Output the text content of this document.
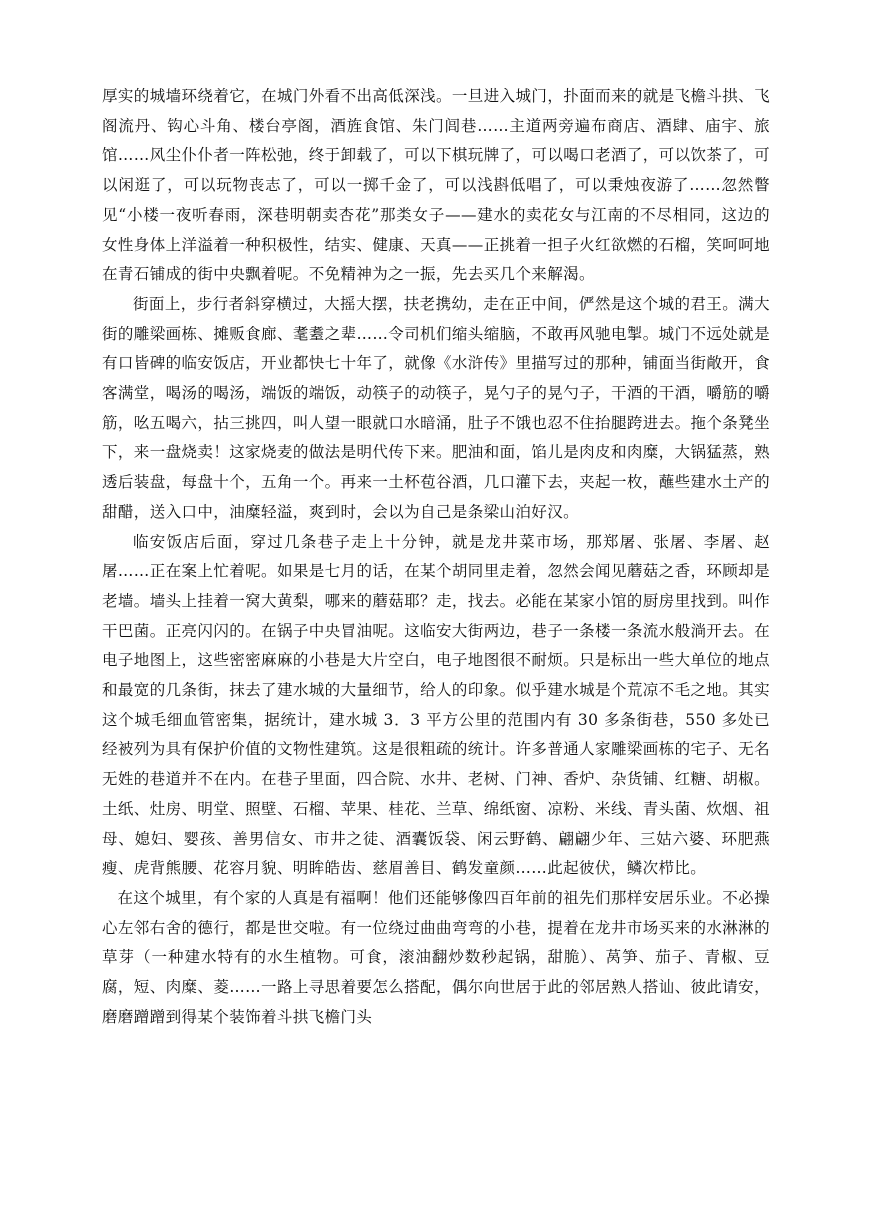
厚实的城墙环绕着它，在城门外看不出高低深浅。一旦进入城门，扑面而来的就是飞檐斗拱、飞阁流丹、钩心斗角、楼台亭阁，酒旌食馆、朱门闾巷……主道两旁遍布商店、酒肆、庙宇、旅馆……风尘仆仆者一阵松弛，终于卸载了，可以下棋玩牌了，可以喝口老酒了，可以饮茶了，可以闲逛了，可以玩物丧志了，可以一掷千金了，可以浅斟低唱了，可以秉烛夜游了……忽然瞥见“小楼一夜听春雨，深巷明朝卖杏花”那类女子——建水的卖花女与江南的不尽相同，这边的女性身体上洋溢着一种积极性，结实、健康、天真——正挑着一担子火红欲燃的石榴，笑呵呵地在青石铺成的街中央飘着呢。不免精神为之一振，先去买几个来解渴。

街面上，步行者斜穿横过，大摇大摆，扶老携幼，走在正中间，俨然是这个城的君王。满大街的雕梁画栋、摊贩食廊、耄耋之辈……令司机们缩头缩脑，不敢再风驰电掣。城门不远处就是有口皆碑的临安饭店，开业都快七十年了，就像《水浒传》里描写过的那种，铺面当街敞开，食客满堂，喝汤的喝汤，端饭的端饭，动筷子的动筷子，晃勺子的晃勺子，干酒的干酒，嚼筋的嚼筋，吆五喝六，拈三挑四，叫人望一眼就口水暗涌，肚子不饿也忍不住抬腿跨进去。拖个条凳坐下，来一盘烧卖！这家烧麦的做法是明代传下来。肥油和面，馅儿是肉皮和肉糜，大锅猛蒸，熟透后装盘，每盘十个，五角一个。再来一土杯苞谷酒，几口灌下去，夹起一枚，蘸些建水土产的甜醋，送入口中，油糜轻溢，爽到时，会以为自己是条梁山泊好汉。

临安饭店后面，穿过几条巷子走上十分钟，就是龙井菜市场，那郑屠、张屠、李屠、赵屠……正在案上忙着呢。如果是七月的话，在某个胡同里走着，忽然会闻见蘑菇之香，环顾却是老墙。墙头上挂着一窝大黄梨，哪来的蘑菇耶？走，找去。必能在某家小馆的厨房里找到。叫作干巴菌。正亮闪闪的。在锅子中央冒油呢。这临安大街两边，巷子一条楼一条流水般淌开去。在电子地图上，这些密密麻麻的小巷是大片空白，电子地图很不耐烦。只是标出一些大单位的地点和最宽的几条街，抹去了建水城的大量细节，给人的印象。似乎建水城是个荒凉不毛之地。其实这个城毛细血管密集，据统计，建水城 3．3 平方公里的范围内有 30 多条街巷，550 多处已经被列为具有保护价值的文物性建筑。这是很粗疏的统计。许多普通人家雕梁画栋的宅子、无名无姓的巷道并不在内。在巷子里面，四合院、水井、老树、门神、香炉、杂货铺、红糖、胡椒。土纸、灶房、明堂、照壁、石榴、苹果、桂花、兰草、绵纸窗、凉粉、米线、青头菌、炊烟、祖母、媳妇、婴孩、善男信女、市井之徒、酒囊饭袋、闲云野鹤、翩翩少年、三姑六婆、环肥燕瘦、虎背熊腰、花容月貌、明眸皓齿、慈眉善目、鹤发童颜……此起彼伏，鳞次栉比。

在这个城里，有个家的人真是有福啊！他们还能够像四百年前的祖先们那样安居乐业。不必操心左邻右舍的德行，都是世交啦。有一位绕过曲曲弯弯的小巷，提着在龙井市场买来的水淋淋的草芽（一种建水特有的水生植物。可食，滚油翻炒数秒起锅，甜脆）、莴笋、茄子、青椒、豆腐，短、肉糜、菱……一路上寻思着要怎么搭配，偶尔向世居于此的邻居熟人搭讪、彼此请安，磨磨蹭蹭到得某个装饰着斗拱飞檐门头
